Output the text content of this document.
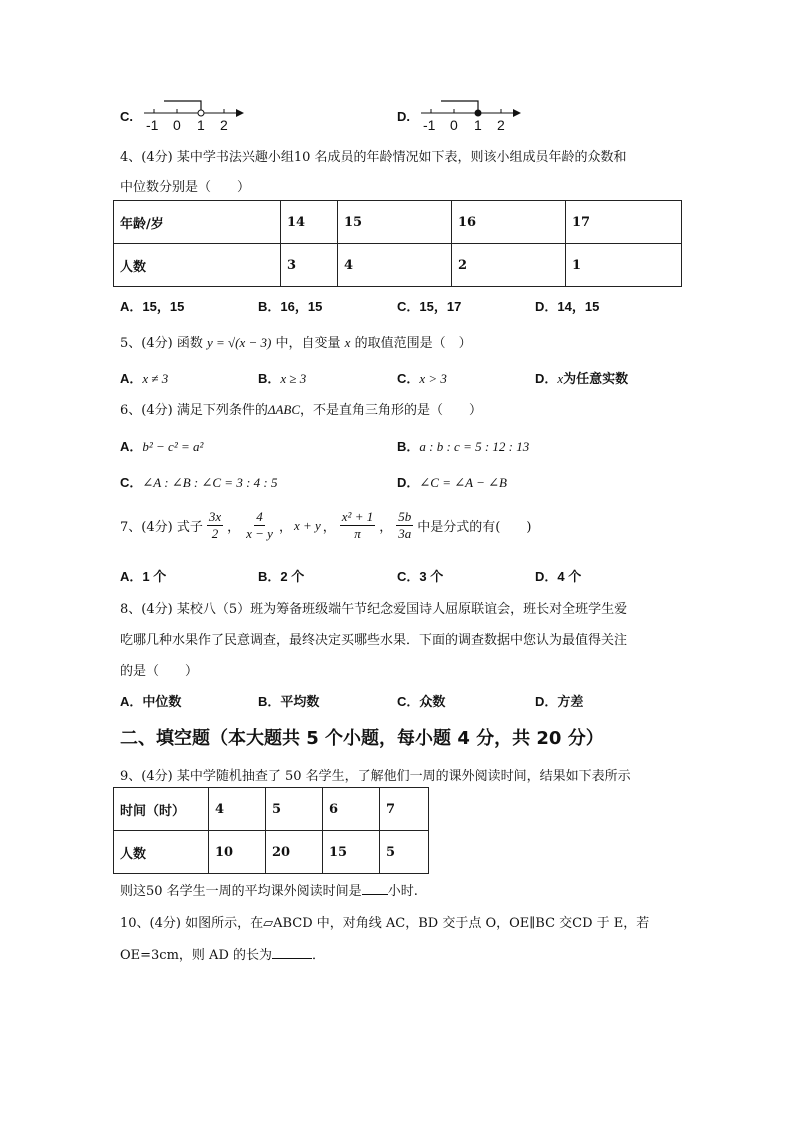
C.
-1 0 1 2
D.
-1 0 1 2
4、(4分) 某中学书法兴趣小组10 名成员的年龄情况如下表，则该小组成员年龄的众数和
中位数分别是（　　）
年龄/岁	14	15	16	17
人数	3	4	2	1
A．15，15	B．16，15	C．15，17	D．14，15
5、(4分) 函数 y = √(x − 3) 中，自变量 x 的取值范围是（　）
A．x ≠ 3	B．x ≥ 3	C．x > 3	D．x为任意实数
6、(4分) 满足下列条件的ΔABC，不是直角三角形的是（　　）
A．b² − c² = a²	B．a : b : c = 5 : 12 : 13
C．∠A : ∠B : ∠C = 3 : 4 : 5	D．∠C = ∠A − ∠B
7、(4分) 式子 $\frac{3x}{2}$ ， $\frac{4}{x - y}$ ， x + y ， $\frac{\text{x² + 1}}{\pi}$ ， $\frac{5b}{3a}$ 中是分式的有(　　)
A．1 个	B．2 个	C．3 个	D．4 个
8、(4分) 某校八（5）班为筹备班级端午节纪念爱国诗人屈原联谊会，班长对全班学生爱
吃哪几种水果作了民意调查，最终决定买哪些水果．下面的调查数据中您认为最值得关注
的是（　　）
A．中位数	B．平均数	C．众数	D．方差
二、填空题（本大题共 5 个小题，每小题 4 分，共 20 分）
9、(4分) 某中学随机抽查了 50 名学生，了解他们一周的课外阅读时间，结果如下表所示
时间（时）	4	5	6	7
人数	10	20	15	5
则这50 名学生一周的平均课外阅读时间是 小时.
10、(4分) 如图所示，在▱ABCD 中，对角线 AC，BD 交于点 O，OE∥BC 交CD 于 E，若
OE=3cm，则 AD 的长为	．
